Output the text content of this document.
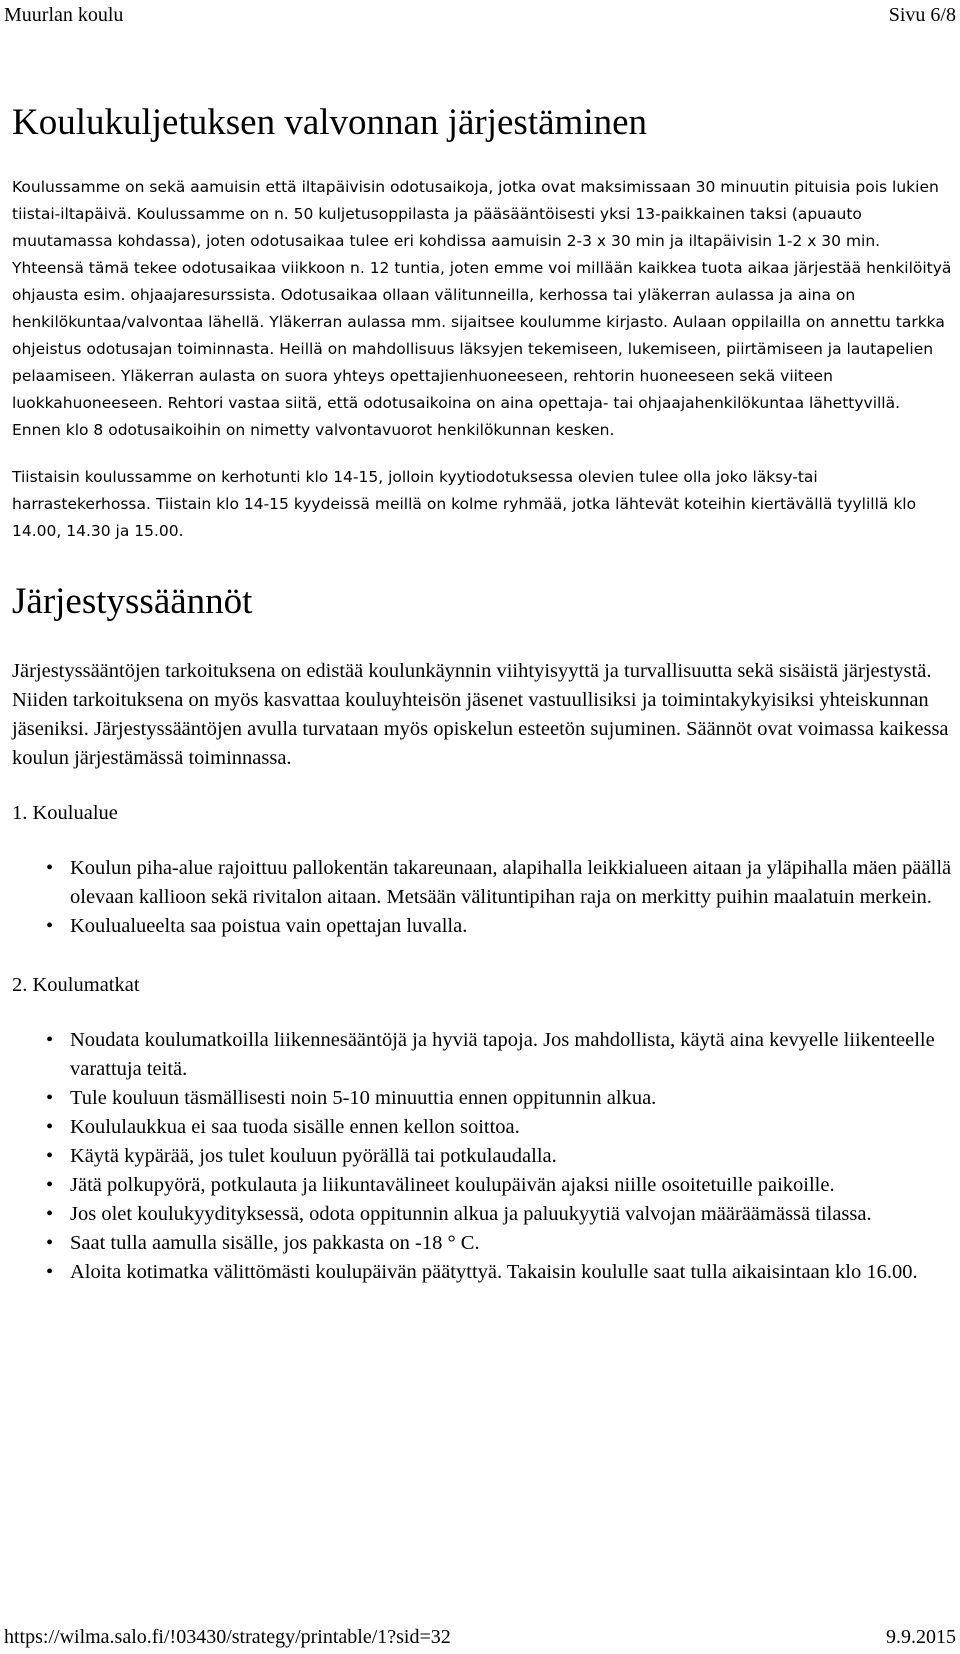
Muurlan koulu	Sivu 6/8
Koulukuljetuksen valvonnan järjestäminen

Koulussamme on sekä aamuisin että iltapäivisin odotusaikoja, jotka ovat maksimissaan 30 minuutin pituisia pois lukien tiistai-iltapäivä. Koulussamme on n. 50 kuljetusoppilasta ja pääsääntöisesti yksi 13-paikkainen taksi (apuauto muutamassa kohdassa), joten odotusaikaa tulee eri kohdissa aamuisin 2-3 x 30 min ja iltapäivisin 1-2 x 30 min. Yhteensä tämä tekee odotusaikaa viikkoon n. 12 tuntia, joten emme voi millään kaikkea tuota aikaa järjestää henkilöityä ohjausta esim. ohjaajaresurssista. Odotusaikaa ollaan välitunneilla, kerhossa tai yläkerran aulassa ja aina on henkilökuntaa/valvontaa lähellä. Yläkerran aulassa mm. sijaitsee koulumme kirjasto. Aulaan oppilailla on annettu tarkka ohjeistus odotusajan toiminnasta. Heillä on mahdollisuus läksyjen tekemiseen, lukemiseen, piirtämiseen ja lautapelien pelaamiseen. Yläkerran aulasta on suora yhteys opettajienhuoneeseen, rehtorin huoneeseen sekä viiteen luokkahuoneeseen. Rehtori vastaa siitä, että odotusaikoina on aina opettaja- tai ohjaajahenkilökuntaa lähettyvillä. Ennen klo 8 odotusaikoihin on nimetty valvontavuorot henkilökunnan kesken.

Tiistaisin koulussamme on kerhotunti klo 14-15, jolloin kyytiodotuksessa olevien tulee olla joko läksy-tai harrastekerhossa. Tiistain klo 14-15 kyydeissä meillä on kolme ryhmää, jotka lähtevät koteihin kiertävällä tyylillä klo 14.00, 14.30 ja 15.00.

Järjestyssäännöt

Järjestyssääntöjen tarkoituksena on edistää koulunkäynnin viihtyisyyttä ja turvallisuutta sekä sisäistä järjestystä. Niiden tarkoituksena on myös kasvattaa kouluyhteisön jäsenet vastuullisiksi ja toimintakykyisiksi yhteiskunnan jäseniksi. Järjestyssääntöjen avulla turvataan myös opiskelun esteetön sujuminen. Säännöt ovat voimassa kaikessa koulun järjestämässä toiminnassa.

1. Koulualue

• Koulun piha-alue rajoittuu pallokentän takareunaan, alapihalla leikkialueen aitaan ja yläpihalla mäen päällä olevaan kallioon sekä rivitalon aitaan. Metsään välituntipihan raja on merkitty puihin maalatuin merkein.
• Koulualueelta saa poistua vain opettajan luvalla.

2. Koulumatkat

• Noudata koulumatkoilla liikennesääntöjä ja hyviä tapoja. Jos mahdollista, käytä aina kevyelle liikenteelle varattuja teitä.
• Tule kouluun täsmällisesti noin 5-10 minuuttia ennen oppitunnin alkua.
• Koululaukkua ei saa tuoda sisälle ennen kellon soittoa.
• Käytä kypärää, jos tulet kouluun pyörällä tai potkulaudalla.
• Jätä polkupyörä, potkulauta ja liikuntavälineet koulupäivän ajaksi niille osoitetuille paikoille.
• Jos olet koulukyydityksessä, odota oppitunnin alkua ja paluukyytiä valvojan määräämässä tilassa.
• Saat tulla aamulla sisälle, jos pakkasta on -18 ° C.
• Aloita kotimatka välittömästi koulupäivän päätyttyä. Takaisin koululle saat tulla aikaisintaan klo 16.00.
https://wilma.salo.fi/!03430/strategy/printable/1?sid=32	9.9.2015
